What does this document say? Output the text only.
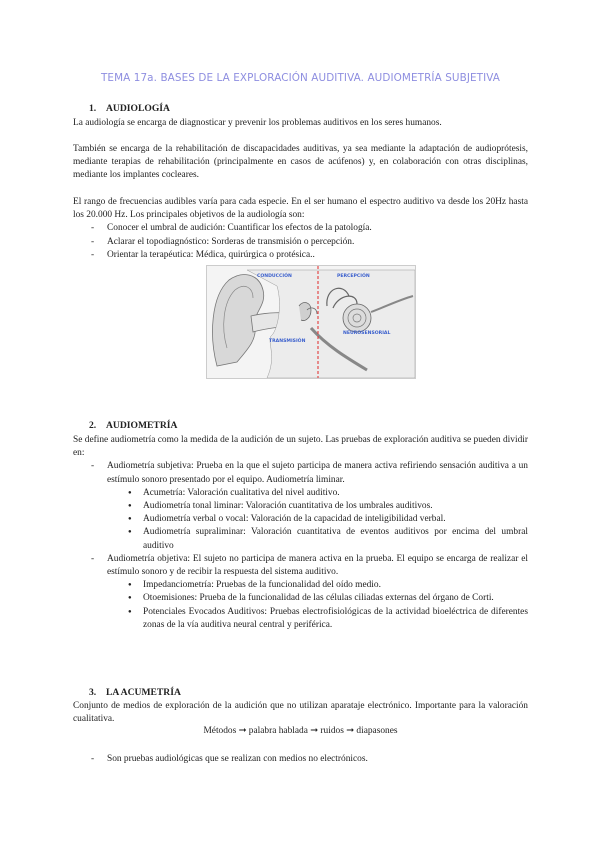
TEMA 17a. BASES DE LA EXPLORACIÓN AUDITIVA. AUDIOMETRÍA SUBJETIVA
1. AUDIOLOGÍA

La audiología se encarga de diagnosticar y prevenir los problemas auditivos en los seres humanos.

También se encarga de la rehabilitación de discapacidades auditivas, ya sea mediante la adaptación de audioprótesis, mediante terapias de rehabilitación (principalmente en casos de acúfenos) y, en colaboración con otras disciplinas, mediante los implantes cocleares.

El rango de frecuencias audibles varía para cada especie. En el ser humano el espectro auditivo va desde los 20Hz hasta los 20.000 Hz. Los principales objetivos de la audiología son:

- Conocer el umbral de audición: Cuantificar los efectos de la patología.
- Aclarar el topodiagnóstico: Sorderas de transmisión o percepción.
- Orientar la terapéutica: Médica, quirúrgica o protésica..
CONDUCCIÓN	PERCEPCIÓN
NEUROSENSORIAL
TRANSMISIÓN
2. AUDIOMETRÍA

Se define audiometría como la medida de la audición de un sujeto. Las pruebas de exploración auditiva se pueden dividir en:

- Audiometría subjetiva: Prueba en la que el sujeto participa de manera activa refiriendo sensación auditiva a un estímulo sonoro presentado por el equipo. Audiometría liminar.
● Acumetría: Valoración cualitativa del nivel auditivo.
● Audiometría tonal liminar: Valoración cuantitativa de los umbrales auditivos.
● Audiometría verbal o vocal: Valoración de la capacidad de inteligibilidad verbal.
● Audiometría supraliminar: Valoración cuantitativa de eventos auditivos por encima del umbral auditivo
- Audiometría objetiva: El sujeto no participa de manera activa en la prueba. El equipo se encarga de realizar el estímulo sonoro y de recibir la respuesta del sistema auditivo.
● Impedanciometría: Pruebas de la funcionalidad del oído medio.
● Otoemisiones: Prueba de la funcionalidad de las células ciliadas externas del órgano de Corti.
● Potenciales Evocados Auditivos: Pruebas electrofisiológicas de la actividad bioeléctrica de diferentes zonas de la vía auditiva neural central y periférica.
3. LA ACUMETRÍA

Conjunto de medios de exploración de la audición que no utilizan aparataje electrónico. Importante para la valoración cualitativa.

Métodos ➞ palabra hablada ➞ ruidos ➞ diapasones
- Son pruebas audiológicas que se realizan con medios no electrónicos.
